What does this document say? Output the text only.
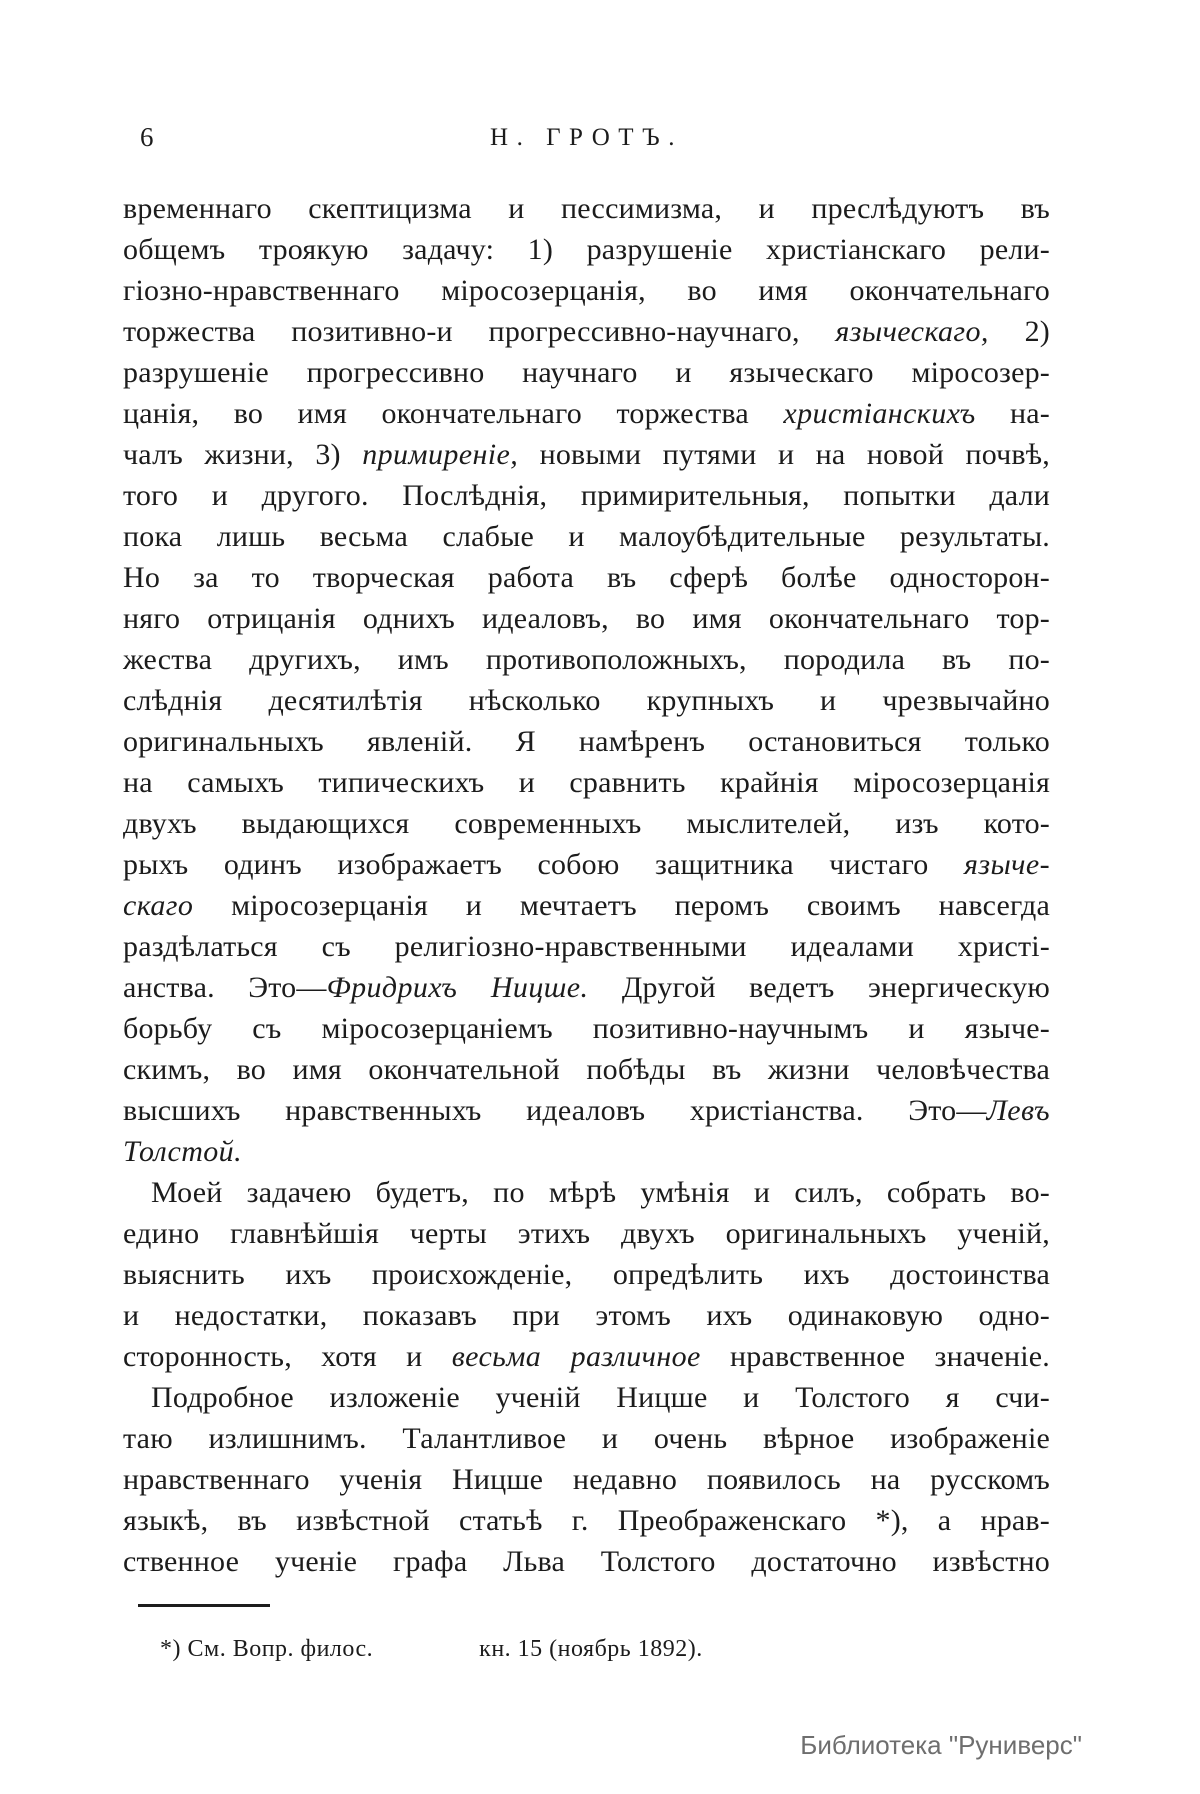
6	Н. ГРОТЪ.
временнаго скептицизма и пессимизма, и преслѣдуютъ въ
общемъ троякую задачу: 1) разрушеніе христіанскаго рели-
гіозно-нравственнаго міросозерцанія, во имя окончательнаго
торжества позитивно-и прогрессивно-научнаго, языческаго, 2)
разрушеніе прогрессивно научнаго и языческаго міросозер-
цанія, во имя окончательнаго торжества христіанскихъ на-
чалъ жизни, 3) примиреніе, новыми путями и на новой почвѣ,
того и другого. Послѣднія, примирительныя, попытки дали
пока лишь весьма слабые и малоубѣдительные результаты.
Но за то творческая работа въ сферѣ болѣе односторон-
няго отрицанія однихъ идеаловъ, во имя окончательнаго тор-
жества другихъ, имъ противоположныхъ, породила въ по-
слѣднія десятилѣтія нѣсколько крупныхъ и чрезвычайно
оригинальныхъ явленій. Я намѣренъ остановиться только
на самыхъ типическихъ и сравнить крайнія міросозерцанія
двухъ выдающихся современныхъ мыслителей, изъ кото-
рыхъ одинъ изображаетъ собою защитника чистаго языче-
скаго міросозерцанія и мечтаетъ перомъ своимъ навсегда
раздѣлаться съ религіозно-нравственными идеалами христі-
анства. Это—Фридрихъ Ницше. Другой ведетъ энергическую
борьбу съ міросозерцаніемъ позитивно-научнымъ и языче-
скимъ, во имя окончательной побѣды въ жизни человѣчества
высшихъ нравственныхъ идеаловъ христіанства. Это—Левъ
Толстой.
Моей задачею будетъ, по мѣрѣ умѣнія и силъ, собрать во-
едино главнѣйшія черты этихъ двухъ оригинальныхъ ученій,
выяснить ихъ происхожденіе, опредѣлить ихъ достоинства
и недостатки, показавъ при этомъ ихъ одинаковую одно-
сторонность, хотя и весьма различное нравственное значеніе.
Подробное изложеніе ученій Ницше и Толстого я счи-
таю излишнимъ. Талантливое и очень вѣрное изображеніе
нравственнаго ученія Ницше недавно появилось на русскомъ
языкѣ, въ извѣстной статьѣ г. Преображенскаго *), а нрав-
ственное ученіе графа Льва Толстого достаточно извѣстно
*) См. Вопр. филос.	кн. 15 (ноябрь 1892).
Библиотека "Руниверс"
